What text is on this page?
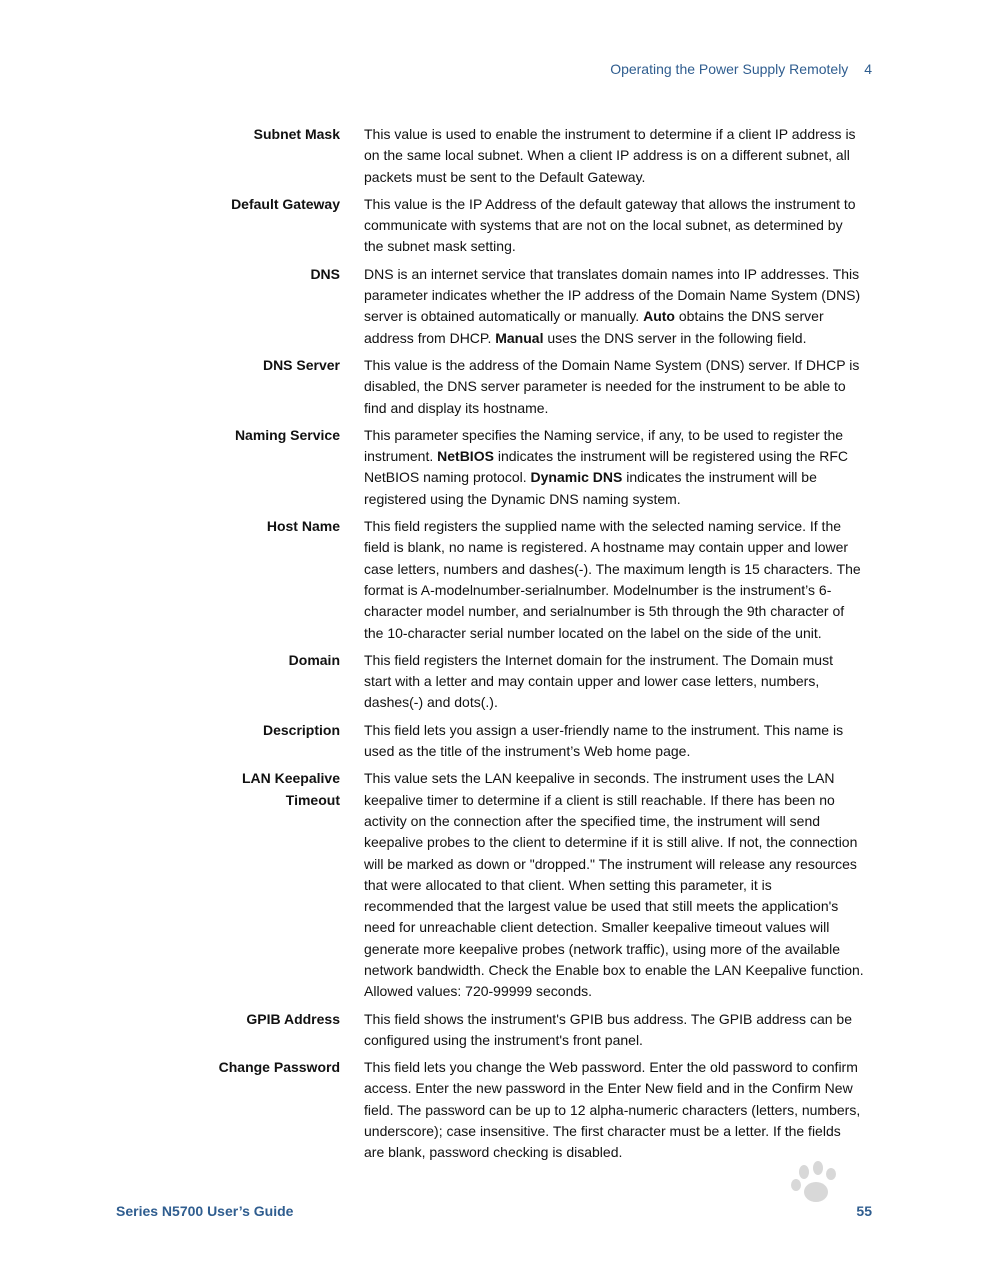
Operating the Power Supply Remotely 4
Subnet Mask This value is used to enable the instrument to determine if a client IP address is on the same local subnet. When a client IP address is on a different subnet, all packets must be sent to the Default Gateway.
Default Gateway This value is the IP Address of the default gateway that allows the instrument to communicate with systems that are not on the local subnet, as determined by the subnet mask setting.
DNS DNS is an internet service that translates domain names into IP addresses. This parameter indicates whether the IP address of the Domain Name System (DNS) server is obtained automatically or manually. Auto obtains the DNS server address from DHCP. Manual uses the DNS server in the following field.
DNS Server This value is the address of the Domain Name System (DNS) server. If DHCP is disabled, the DNS server parameter is needed for the instrument to be able to find and display its hostname.
Naming Service This parameter specifies the Naming service, if any, to be used to register the instrument. NetBIOS indicates the instrument will be registered using the RFC NetBIOS naming protocol. Dynamic DNS indicates the instrument will be registered using the Dynamic DNS naming system.
Host Name This field registers the supplied name with the selected naming service. If the field is blank, no name is registered. A hostname may contain upper and lower case letters, numbers and dashes(-). The maximum length is 15 characters. The format is A-modelnumber-serialnumber. Modelnumber is the instrument’s 6-character model number, and serialnumber is 5th through the 9th character of the 10-character serial number located on the label on the side of the unit.
Domain This field registers the Internet domain for the instrument. The Domain must start with a letter and may contain upper and lower case letters, numbers, dashes(-) and dots(.).
Description This field lets you assign a user-friendly name to the instrument. This name is used as the title of the instrument’s Web home page.
LAN Keepalive Timeout
This value sets the LAN keepalive in seconds. The instrument uses the LAN keepalive timer to determine if a client is still reachable. If there has been no activity on the connection after the specified time, the instrument will send keepalive probes to the client to determine if it is still alive. If not, the connection will be marked as down or "dropped." The instrument will release any resources that were allocated to that client. When setting this parameter, it is recommended that the largest value be used that still meets the application's need for unreachable client detection. Smaller keepalive timeout values will generate more keepalive probes (network traffic), using more of the available network bandwidth. Check the Enable box to enable the LAN Keepalive function. Allowed values: 720-99999 seconds.
GPIB Address This field shows the instrument's GPIB bus address. The GPIB address can be configured using the instrument's front panel.
Change Password This field lets you change the Web password. Enter the old password to confirm access. Enter the new password in the Enter New field and in the Confirm New field. The password can be up to 12 alpha-numeric characters (letters, numbers, underscore); case insensitive. The first character must be a letter. If the fields are blank, password checking is disabled.
Series N5700 User’s Guide	55
